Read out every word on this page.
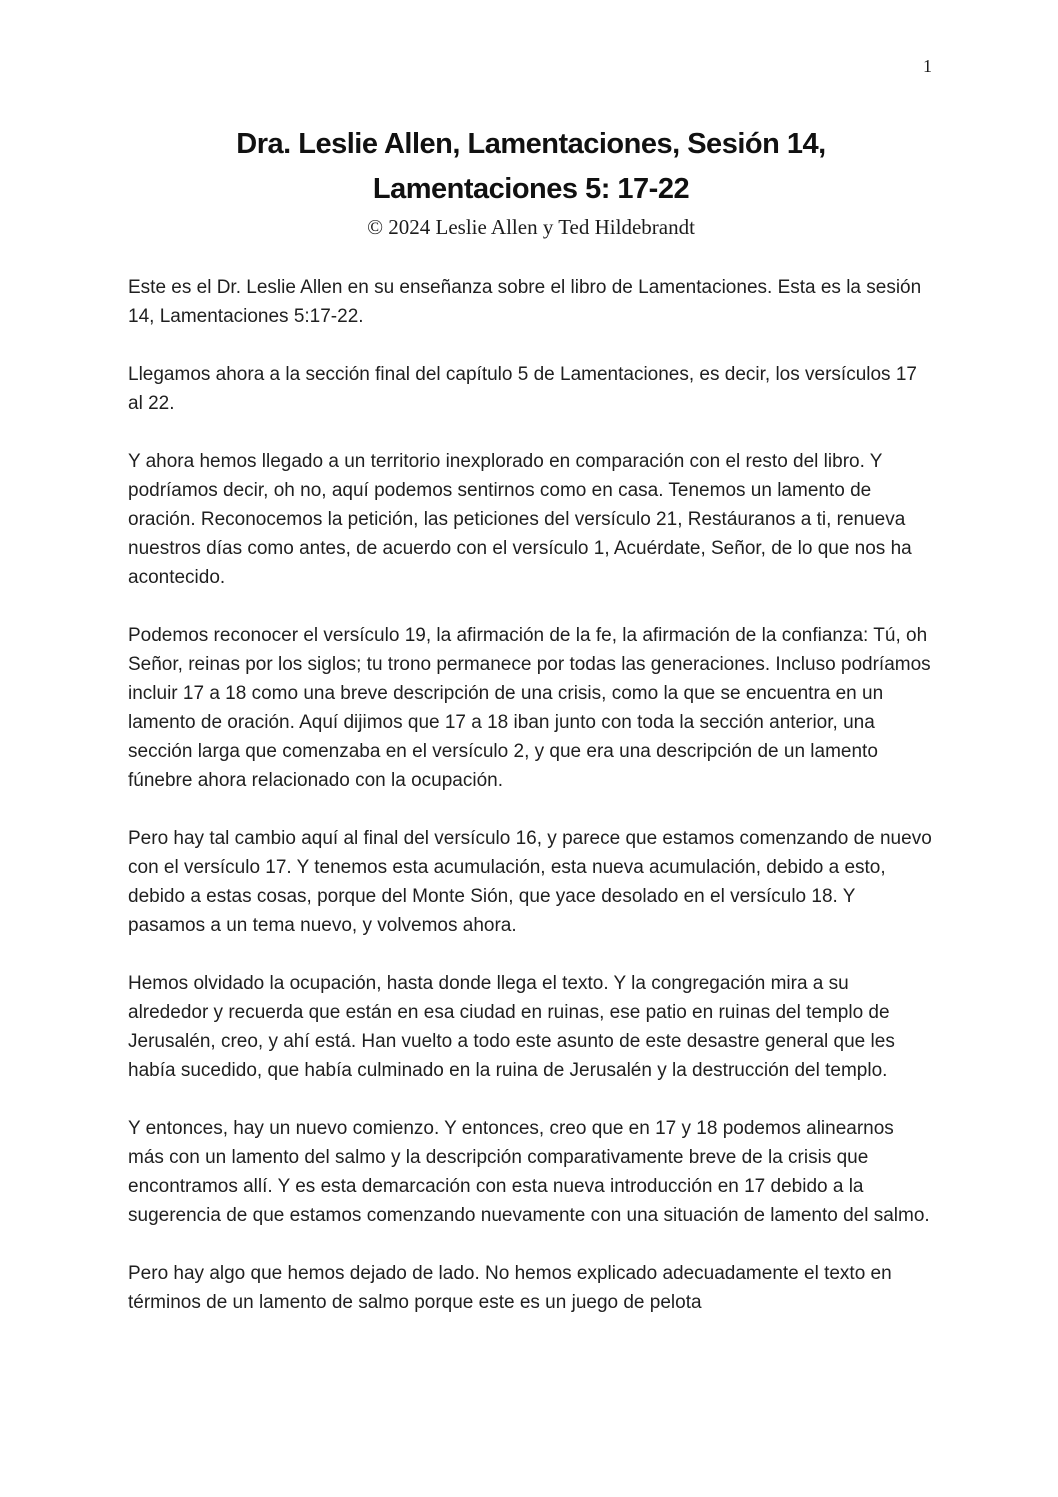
1
Dra. Leslie Allen, Lamentaciones, Sesión 14,
Lamentaciones 5: 17-22
© 2024 Leslie Allen y Ted Hildebrandt

Este es el Dr. Leslie Allen en su enseñanza sobre el libro de Lamentaciones. Esta es la sesión 14, Lamentaciones 5:17-22.

Llegamos ahora a la sección final del capítulo 5 de Lamentaciones, es decir, los versículos 17 al 22.

Y ahora hemos llegado a un territorio inexplorado en comparación con el resto del libro. Y podríamos decir, oh no, aquí podemos sentirnos como en casa. Tenemos un lamento de oración. Reconocemos la petición, las peticiones del versículo 21, Restáuranos a ti, renueva nuestros días como antes, de acuerdo con el versículo 1, Acuérdate, Señor, de lo que nos ha acontecido.

Podemos reconocer el versículo 19, la afirmación de la fe, la afirmación de la confianza: Tú, oh Señor, reinas por los siglos; tu trono permanece por todas las generaciones. Incluso podríamos incluir 17 a 18 como una breve descripción de una crisis, como la que se encuentra en un lamento de oración. Aquí dijimos que 17 a 18 iban junto con toda la sección anterior, una sección larga que comenzaba en el versículo 2, y que era una descripción de un lamento fúnebre ahora relacionado con la ocupación.

Pero hay tal cambio aquí al final del versículo 16, y parece que estamos comenzando de nuevo con el versículo 17. Y tenemos esta acumulación, esta nueva acumulación, debido a esto, debido a estas cosas, porque del Monte Sión, que yace desolado en el versículo 18. Y pasamos a un tema nuevo, y volvemos ahora.

Hemos olvidado la ocupación, hasta donde llega el texto. Y la congregación mira a su alrededor y recuerda que están en esa ciudad en ruinas, ese patio en ruinas del templo de Jerusalén, creo, y ahí está. Han vuelto a todo este asunto de este desastre general que les había sucedido, que había culminado en la ruina de Jerusalén y la destrucción del templo.

Y entonces, hay un nuevo comienzo. Y entonces, creo que en 17 y 18 podemos alinearnos más con un lamento del salmo y la descripción comparativamente breve de la crisis que encontramos allí. Y es esta demarcación con esta nueva introducción en 17 debido a la sugerencia de que estamos comenzando nuevamente con una situación de lamento del salmo.

Pero hay algo que hemos dejado de lado. No hemos explicado adecuadamente el texto en términos de un lamento de salmo porque este es un juego de pelota
